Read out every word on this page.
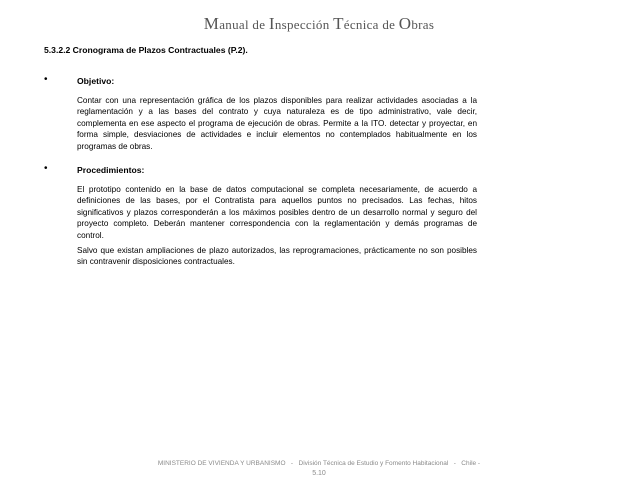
Manual de Inspección Técnica de Obras
5.3.2.2 Cronograma de Plazos Contractuales (P.2).
•	Objetivo:

Contar con una representación gráfica de los plazos disponibles para realizar actividades asociadas a la reglamentación y a las bases del contrato y cuya naturaleza es de tipo administrativo, vale decir, complementa en ese aspecto el programa de ejecución de obras. Permite a la ITO. detectar y proyectar, en forma simple, desviaciones de actividades e incluir elementos no contemplados habitualmente en los programas de obras.

•	Procedimientos:

El prototipo contenido en la base de datos computacional se completa necesariamente, de acuerdo a definiciones de las bases, por el Contratista para aquellos puntos no precisados. Las fechas, hitos significativos y plazos corresponderán a los máximos posibles dentro de un desarrollo normal y seguro del proyecto completo. Deberán mantener correspondencia con la reglamentación y demás programas de control.

Salvo que existan ampliaciones de plazo autorizados, las reprogramaciones, prácticamente no son posibles sin contravenir disposiciones contractuales.

MINISTERIO DE VIVIENDA Y URBANISMO   -   División Técnica de Estudio y Fomento Habitacional   -   Chile -
5.10
